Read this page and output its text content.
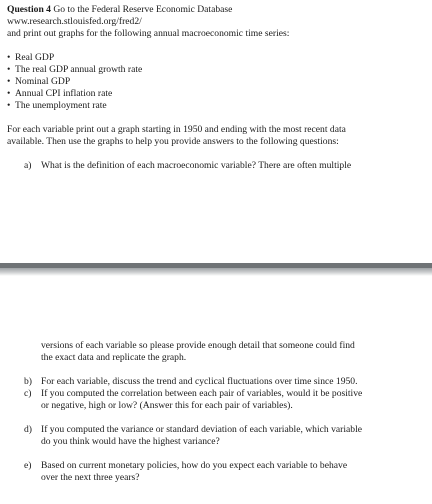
Question 4 Go to the Federal Reserve Economic Database
www.research.stlouisfed.org/fred2/
and print out graphs for the following annual macroeconomic time series:
• Real GDP
• The real GDP annual growth rate
• Nominal GDP
• Annual CPI inflation rate
• The unemployment rate
For each variable print out a graph starting in 1950 and ending with the most recent data
available. Then use the graphs to help you provide answers to the following questions:
a) What is the definition of each macroeconomic variable? There are often multiple
versions of each variable so please provide enough detail that someone could find
the exact data and replicate the graph.
b) For each variable, discuss the trend and cyclical fluctuations over time since 1950.
c) If you computed the correlation between each pair of variables, would it be positive
or negative, high or low? (Answer this for each pair of variables).
d) If you computed the variance or standard deviation of each variable, which variable
do you think would have the highest variance?
e) Based on current monetary policies, how do you expect each variable to behave
over the next three years?
